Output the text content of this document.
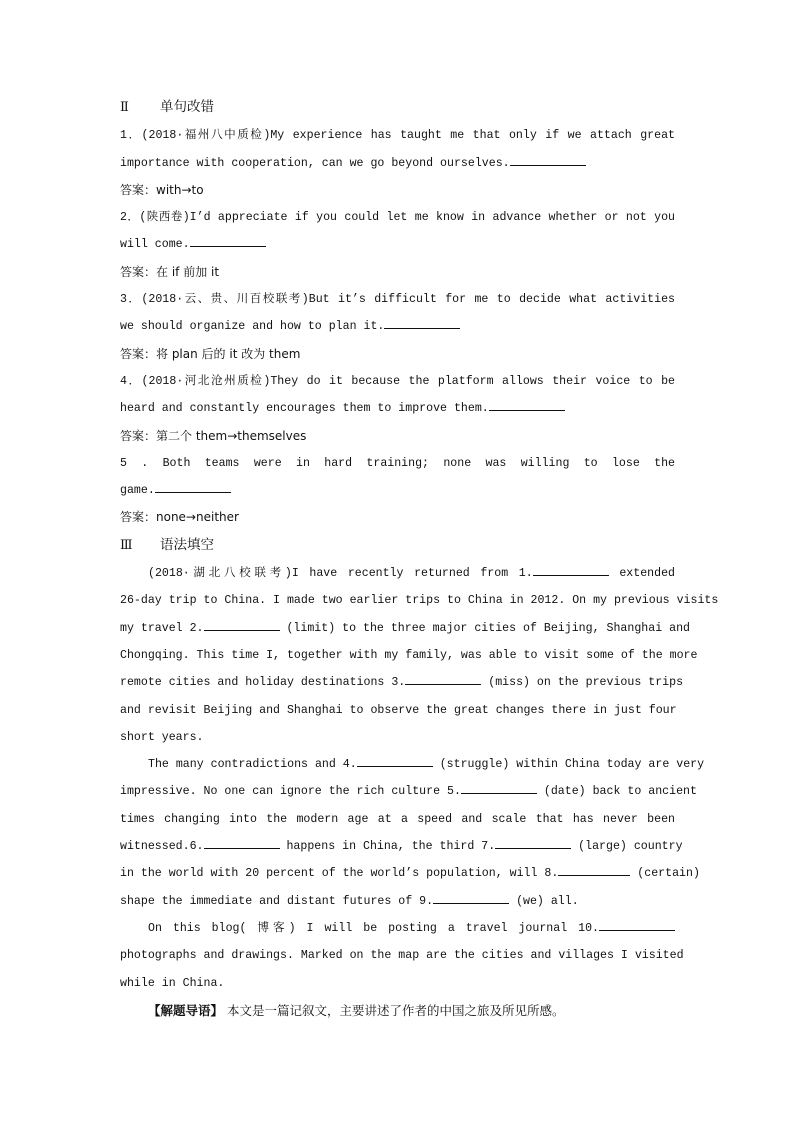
Ⅱ 单句改错
1．(2018·福州八中质检)My experience has taught me that only if we attach great
importance with cooperation, can we go beyond ourselves.
答案：with→to
2．(陕西卷)I’d appreciate if you could let me know in advance whether or not you
will come.
答案：在 if 前加 it
3．(2018·云、贵、川百校联考)But it’s difficult for me to decide what activities
we should organize and how to plan it.
答案：将 plan 后的 it 改为 them
4．(2018·河北沧州质检)They do it because the platform allows their voice to be
heard and constantly encourages them to improve them.
答案：第二个 them→themselves
5 . Both teams were in hard training; none was willing to lose the
game.
答案：none→neither
Ⅲ 语法填空
(2018·湖北八校联考)I have recently returned from 1.	extended
26-day trip to China. I made two earlier trips to China in 2012. On my previous visits
my travel 2.	(limit) to the three major cities of Beijing, Shanghai and
Chongqing. This time I, together with my family, was able to visit some of the more
remote cities and holiday destinations 3.	(miss) on the previous trips
and revisit Beijing and Shanghai to observe the great changes there in just four
short years.
The many contradictions and 4.	(struggle) within China today are very
impressive. No one can ignore the rich culture 5.	(date) back to ancient
times changing into the modern age at a speed and scale that has never been
witnessed.6.	happens in China, the third 7.	(large) country
in the world with 20 percent of the world’s population, will 8.	(certain)
shape the immediate and distant futures of 9.	(we) all.
On this blog( 博客) I will be posting a travel journal 10.
photographs and drawings. Marked on the map are the cities and villages I visited
while in China.
【解题导语】 本文是一篇记叙文，主要讲述了作者的中国之旅及所见所感。
